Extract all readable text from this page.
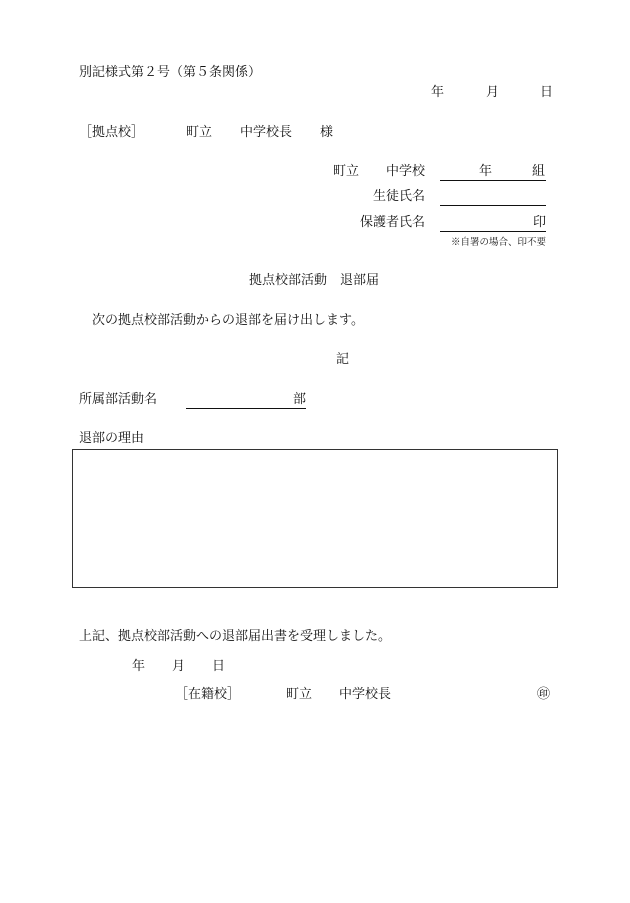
別記様式第２号（第５条関係）
年	月	日
［拠点校］	町立 中学校長 様
町立 中学校	年	組
生徒氏名
保護者氏名	印
※自署の場合、印不要
拠点校部活動　退部届
次の拠点校部活動からの退部を届け出します。
記
所属部活動名	部
退部の理由
上記、拠点校部活動への退部届出書を受理しました。
年 月 日
［在籍校］	町立 中学校長	㊞
